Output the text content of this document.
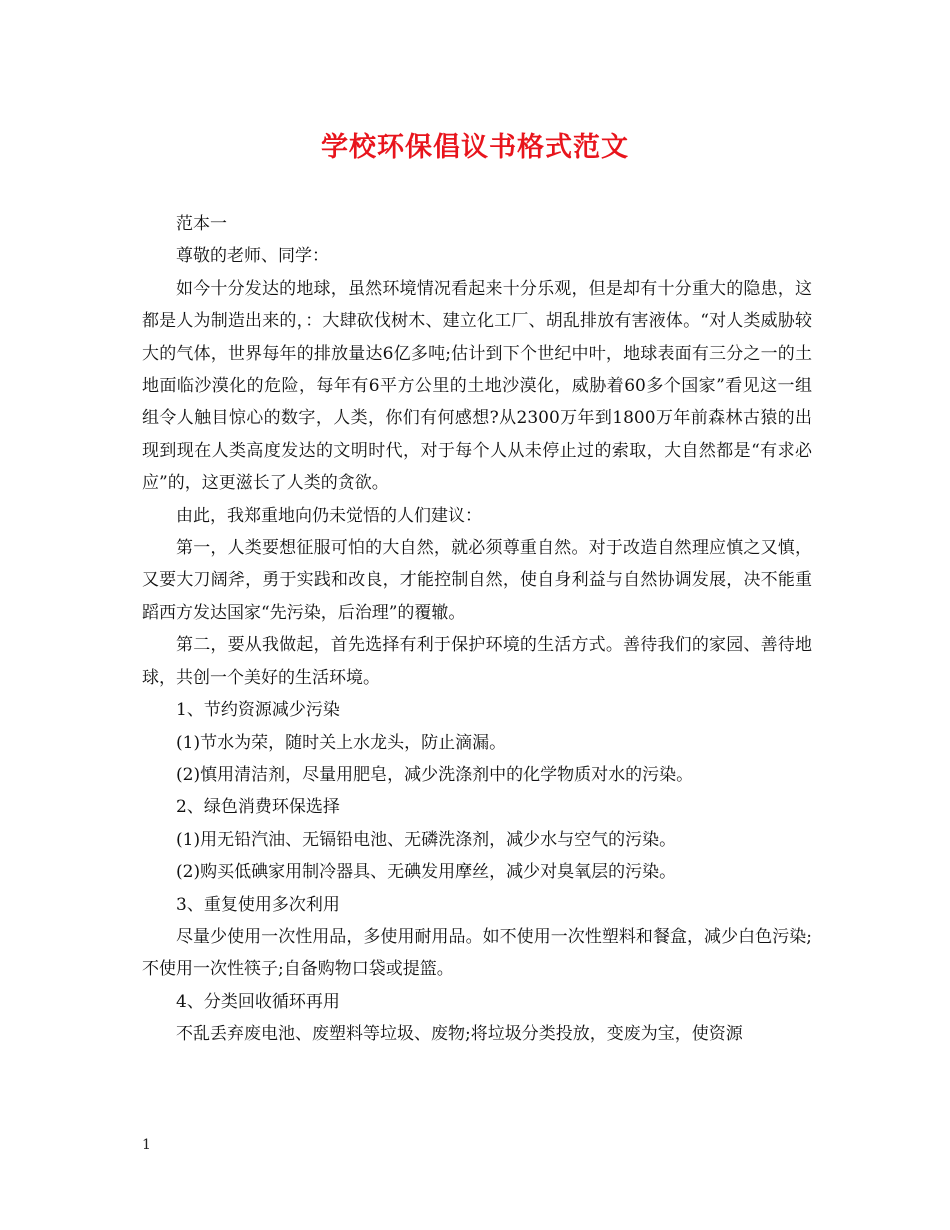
学校环保倡议书格式范文

范本一

尊敬的老师、同学：

如今十分发达的地球，虽然环境情况看起来十分乐观，但是却有十分重大的隐患，这都是人为制造出来的，：大肆砍伐树木、建立化工厂、胡乱排放有害液体。“对人类威胁较大的气体，世界每年的排放量达6亿多吨;估计到下个世纪中叶，地球表面有三分之一的土地面临沙漠化的危险，每年有6平方公里的土地沙漠化，威胁着60多个国家”看见这一组组令人触目惊心的数字，人类，你们有何感想?从2300万年到1800万年前森林古猿的出现到现在人类高度发达的文明时代，对于每个人从未停止过的索取，大自然都是“有求必应”的，这更滋长了人类的贪欲。

由此，我郑重地向仍未觉悟的人们建议：

第一，人类要想征服可怕的大自然，就必须尊重自然。对于改造自然理应慎之又慎，又要大刀阔斧，勇于实践和改良，才能控制自然，使自身利益与自然协调发展，决不能重蹈西方发达国家“先污染，后治理”的覆辙。

第二，要从我做起，首先选择有利于保护环境的生活方式。善待我们的家园、善待地球，共创一个美好的生活环境。

1、节约资源减少污染

(1)节水为荣，随时关上水龙头，防止滴漏。

(2)慎用清洁剂，尽量用肥皂，减少洗涤剂中的化学物质对水的污染。

2、绿色消费环保选择

(1)用无铅汽油、无镉铅电池、无磷洗涤剂，减少水与空气的污染。

(2)购买低碘家用制冷器具、无碘发用摩丝，减少对臭氧层的污染。

3、重复使用多次利用

尽量少使用一次性用品，多使用耐用品。如不使用一次性塑料和餐盒，减少白色污染;不使用一次性筷子;自备购物口袋或提篮。

4、分类回收循环再用

不乱丢弃废电池、废塑料等垃圾、废物;将垃圾分类投放，变废为宝，使资源

1
